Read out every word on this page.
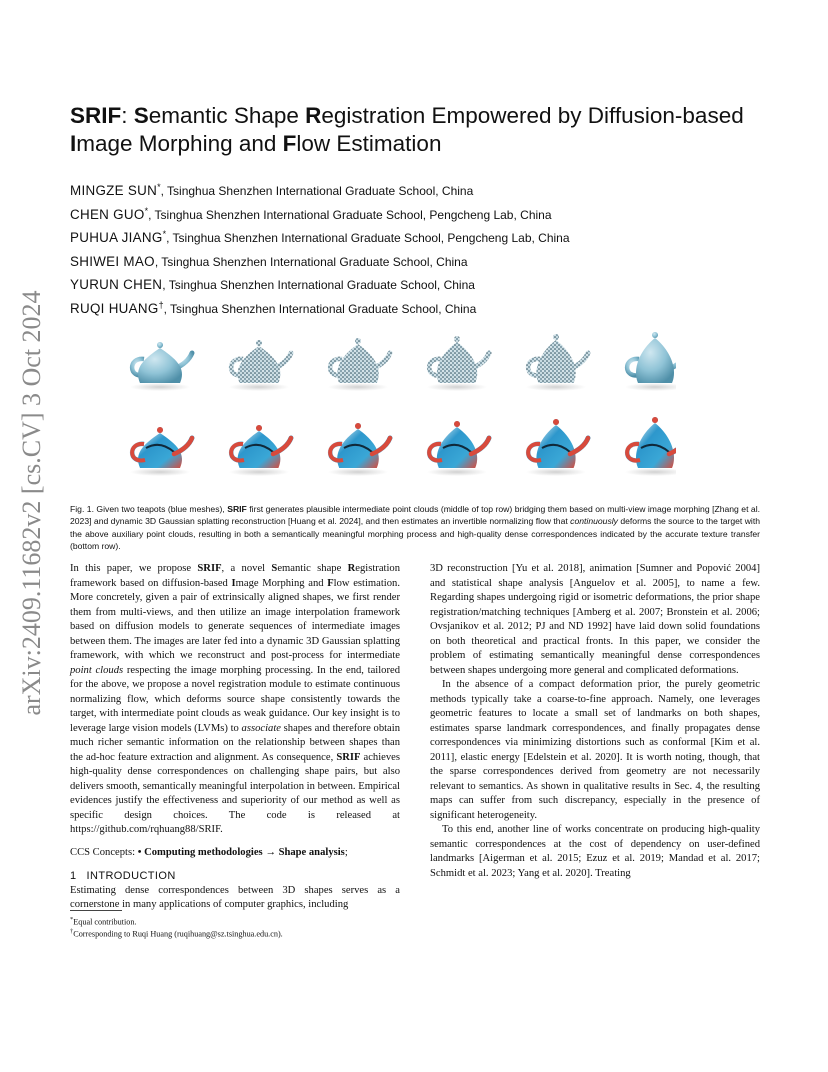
arXiv:2409.11682v2 [cs.CV] 3 Oct 2024
SRIF: Semantic Shape Registration Empowered by Diffusion-based
Image Morphing and Flow Estimation
MINGZE SUN*, Tsinghua Shenzhen International Graduate School, China
CHEN GUO*, Tsinghua Shenzhen International Graduate School, Pengcheng Lab, China
PUHUA JIANG*, Tsinghua Shenzhen International Graduate School, Pengcheng Lab, China
SHIWEI MAO, Tsinghua Shenzhen International Graduate School, China
YURUN CHEN, Tsinghua Shenzhen International Graduate School, China
RUQI HUANG†, Tsinghua Shenzhen International Graduate School, China
Fig. 1. Given two teapots (blue meshes), SRIF first generates plausible intermediate point clouds (middle of top row) bridging them based on multi-view image morphing [Zhang et al. 2023] and dynamic 3D Gaussian splatting reconstruction [Huang et al. 2024], and then estimates an invertible normalizing flow that continuously deforms the source to the target with the above auxiliary point clouds, resulting in both a semantically meaningful morphing process and high-quality dense correspondences indicated by the accurate texture transfer (bottom row).

In this paper, we propose SRIF, a novel Semantic shape Registration framework based on diffusion-based Image Morphing and Flow estimation. More concretely, given a pair of extrinsically aligned shapes, we first render them from multi-views, and then utilize an image interpolation framework based on diffusion models to generate sequences of intermediate images between them. The images are later fed into a dynamic 3D Gaussian splatting framework, with which we reconstruct and post-process for intermediate point clouds respecting the image morphing processing. In the end, tailored for the above, we propose a novel registration module to estimate continuous normalizing flow, which deforms source shape consistently towards the target, with intermediate point clouds as weak guidance. Our key insight is to leverage large vision models (LVMs) to associate shapes and therefore obtain much richer semantic information on the relationship between shapes than the ad-hoc feature extraction and alignment. As consequence, SRIF achieves high-quality dense correspondences on challenging shape pairs, but also delivers smooth, semantically meaningful interpolation in between. Empirical evidences justify the effectiveness and superiority of our method as well as specific design choices. The code is released at https://github.com/rqhuang88/SRIF.

CCS Concepts: • Computing methodologies → Shape analysis;

1 INTRODUCTION

Estimating dense correspondences between 3D shapes serves as a cornerstone in many applications of computer graphics, including

3D reconstruction [Yu et al. 2018], animation [Sumner and Popović 2004] and statistical shape analysis [Anguelov et al. 2005], to name a few. Regarding shapes undergoing rigid or isometric deformations, the prior shape registration/matching techniques [Amberg et al. 2007; Bronstein et al. 2006; Ovsjanikov et al. 2012; PJ and ND 1992] have laid down solid foundations on both theoretical and practical fronts. In this paper, we consider the problem of estimating semantically meaningful dense correspondences between shapes undergoing more general and complicated deformations.

In the absence of a compact deformation prior, the purely geometric methods typically take a coarse-to-fine approach. Namely, one leverages geometric features to locate a small set of landmarks on both shapes, estimates sparse landmark correspondences, and finally propagates dense correspondences via minimizing distortions such as conformal [Kim et al. 2011], elastic energy [Edelstein et al. 2020]. It is worth noting, though, that the sparse correspondences derived from geometry are not necessarily relevant to semantics. As shown in qualitative results in Sec. 4, the resulting maps can suffer from such discrepancy, especially in the presence of significant heterogeneity.

To this end, another line of works concentrate on producing high-quality semantic correspondences at the cost of dependency on user-defined landmarks [Aigerman et al. 2015; Ezuz et al. 2019; Mandad et al. 2017; Schmidt et al. 2023; Yang et al. 2020]. Treating

*Equal contribution.
†Corresponding to Ruqi Huang (ruqihuang@sz.tsinghua.edu.cn).
